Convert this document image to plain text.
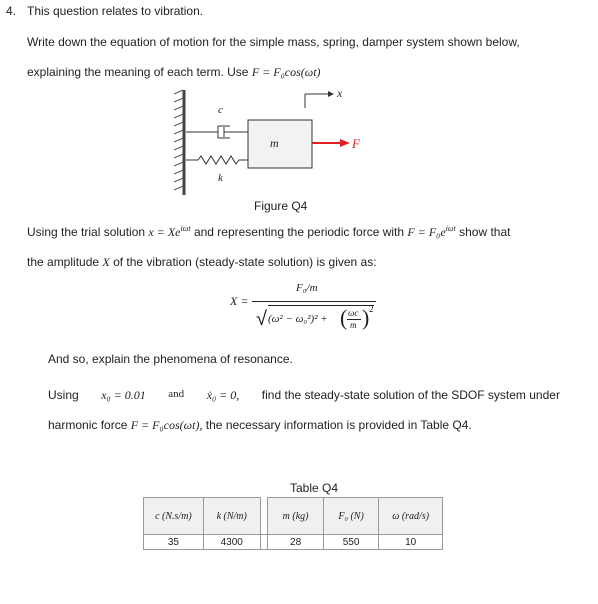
4. This question relates to vibration.
Write down the equation of motion for the simple mass, spring, damper system shown below,
explaining the meaning of each term. Use F = F₀cos(ωt)
c
k
m	F
x
Figure Q4
Using the trial solution $x = Xe^{i\omega t}$ and representing the periodic force with $F = F_0e^{i\omega t}$ show that
the amplitude X of the vibration (steady-state solution) is given as:
X =
F₀/m
√ (ω² − ω₀²)² + ( ωc
m ) 2
And so, explain the phenomena of resonance.
Using x₀ = 0.01 and ẋ₀ = 0, find the steady-state solution of the SDOF system under
harmonic force F = F₀cos(ωt), the necessary information is provided in Table Q4.
Table Q4
c (N.s/m)	k (N/m)		m (kg)	F₀ (N)	ω (rad/s)
35	4300		28	550	10
